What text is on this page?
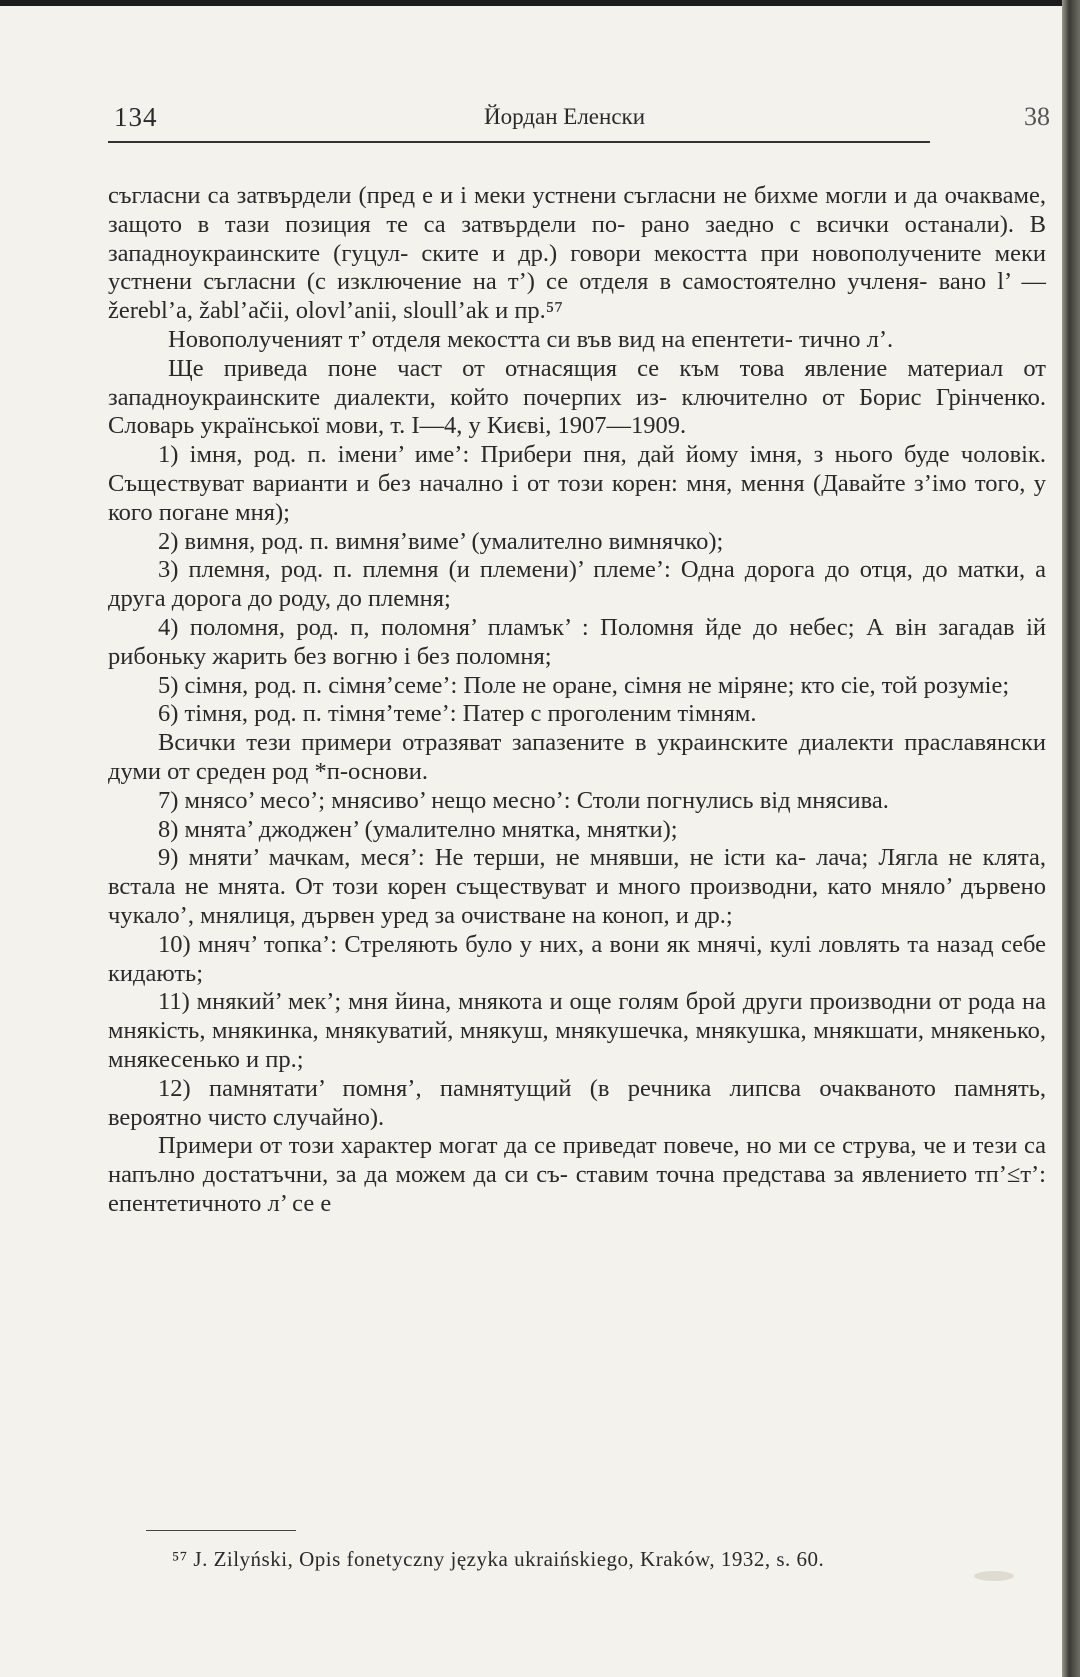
134	Йордан Еленски	38

съгласни са затвърдели (пред е и і меки устнени съгласни не бихме могли и да очакваме, защото в тази позиция те са затвърдели по- рано заедно с всички останали). В западноукраинските (гуцул- ските и др.) говори мекостта при новополучените меки устнени съгласни (с изключение на т’) се отделя в самостоятелно учленя- вано l’ — žerebl’a, žabl’ačii, olovl’anii, sloull’ak и пр.⁵⁷

Новополученият т’ отделя мекостта си във вид на епентети- тично л’.

Ще приведа поне част от отнасящия се към това явление материал от западноукраинските диалекти, който почерпих из- ключително от Борис Грінченко. Словарь української мови, т. I—4, у Києві, 1907—1909.

1) імня, род. п. імени’ име’: Прибери пня, дай йому імня, з нього буде чоловік. Съществуват варианти и без начално і от този корен: мня, мення (Давайте з’імо того, у кого погане мня);

2) вимня, род. п. вимня’виме’ (умалително вимнячко);

3) племня, род. п. племня (и племени)’ племе’: Одна дорога до отця, до матки, а друга дорога до роду, до племня;

4) поломня, род. п, поломня’ пламък’ : Поломня йде до небес; А він загадав ій рибоньку жарить без вогню і без поломня;

5) сімня, род. п. сімня’семе’: Поле не оране, сімня не міряне; кто сіе, той розуміе;

6) тімня, род. п. тімня’теме’: Патер с проголеним тімням.

Всички тези примери отразяват запазените в украинските диалекти праславянски думи от среден род *п-основи.

7) мнясо’ месо’; мнясиво’ нещо месно’: Столи погнулись від мнясива.

8) мнята’ джоджен’ (умалително мнятка, мнятки);

9) мняти’ мачкам, меся’: Не терши, не мнявши, не істи ка- лача; Лягла не клята, встала не мнята. От този корен съществуват и много производни, като мняло’ дървено чукало’, мнялиця, дървен уред за очистване на коноп, и др.;

10) мняч’ топка’: Стреляють було у них, а вони як мнячі, кулі ловлять та назад себе кидають;

11) мнякий’ мек’; мня йина, мнякота и още голям брой други производни от рода на мнякість, мнякинка, мнякуватий, мнякуш, мнякушечка, мнякушка, мнякшати, мнякенько, мнякесенько и пр.;

12) памнятати’ помня’, памнятущий (в речника липсва очакваното памнять, вероятно чисто случайно).

Примери от този характер могат да се приведат повече, но ми се струва, че и тези са напълно достатъчни, за да можем да си съ- ставим точна представа за явлението тп’≤т’: епентетичното л’ се е

⁵⁷ J. Zilyński, Opis fonetyczny języka ukraińskiego, Kraków, 1932, s. 60.
